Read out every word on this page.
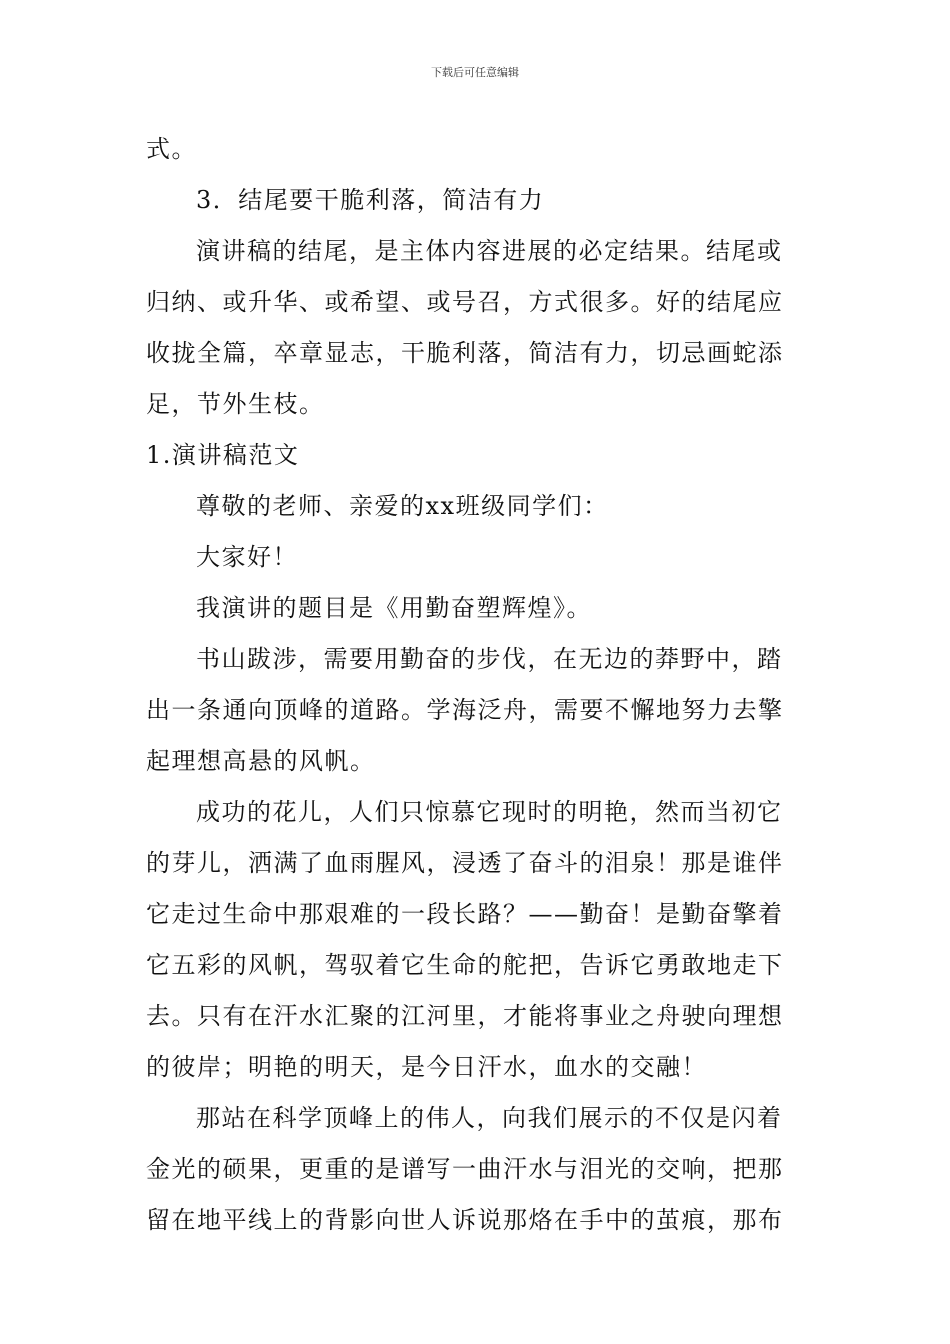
下载后可任意编辑
式。
3．结尾要干脆利落，简洁有力
演讲稿的结尾，是主体内容进展的必定结果。结尾或
归纳、或升华、或希望、或号召，方式很多。好的结尾应
收拢全篇，卒章显志，干脆利落，简洁有力，切忌画蛇添
足，节外生枝。
1.演讲稿范文
尊敬的老师、亲爱的xx班级同学们：
大家好！
我演讲的题目是《用勤奋塑辉煌》。
书山跋涉，需要用勤奋的步伐，在无边的莽野中，踏
出一条通向顶峰的道路。学海泛舟，需要不懈地努力去擎
起理想高悬的风帆。
成功的花儿，人们只惊慕它现时的明艳，然而当初它
的芽儿，洒满了血雨腥风，浸透了奋斗的泪泉！那是谁伴
它走过生命中那艰难的一段长路？——勤奋！是勤奋擎着
它五彩的风帆，驾驭着它生命的舵把，告诉它勇敢地走下
去。只有在汗水汇聚的江河里，才能将事业之舟驶向理想
的彼岸；明艳的明天，是今日汗水，血水的交融！
那站在科学顶峰上的伟人，向我们展示的不仅是闪着
金光的硕果，更重的是谱写一曲汗水与泪光的交响，把那
留在地平线上的背影向世人诉说那烙在手中的茧痕，那布
